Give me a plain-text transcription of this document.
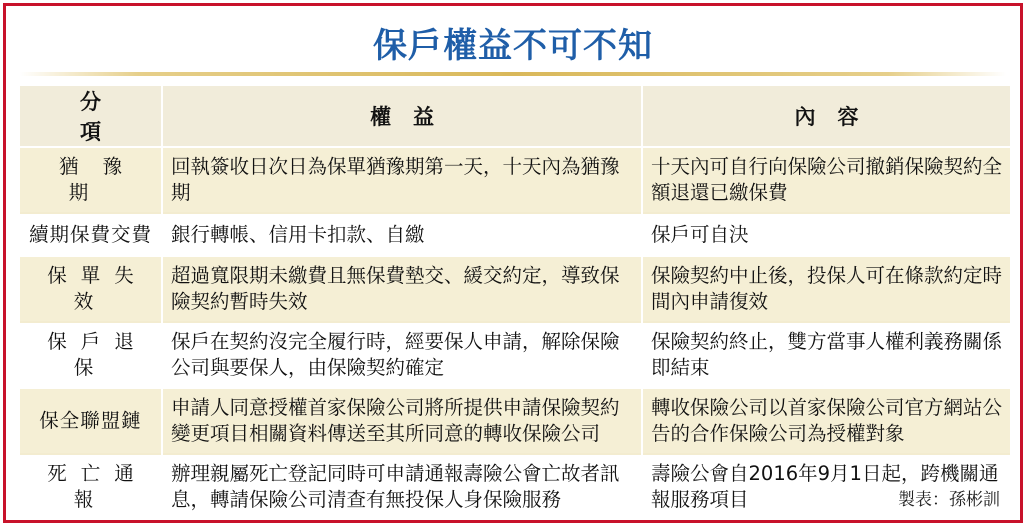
保戶權益不可不知
分項	權益	內容
猶豫期	回執簽收日次日為保單猶豫期第一天，十天內為猶豫期	十天內可自行向保險公司撤銷保險契約全額退還已繳保費
續期保費交費	銀行轉帳、信用卡扣款、自繳	保戶可自決
保單失效	超過寬限期未繳費且無保費墊交、緩交約定，導致保險契約暫時失效	保險契約中止後，投保人可在條款約定時間內申請復效
保戶退保	保戶在契約沒完全履行時，經要保人申請，解除保險公司與要保人，由保險契約確定	保險契約終止，雙方當事人權利義務關係即結束
保全聯盟鏈	申請人同意授權首家保險公司將所提供申請保險契約變更項目相關資料傳送至其所同意的轉收保險公司	轉收保險公司以首家保險公司官方網站公告的合作保險公司為授權對象
死亡通報	辦理親屬死亡登記同時可申請通報壽險公會亡故者訊息，轉請保險公司清查有無投保人身保險服務	壽險公會自2016年9月1日起，跨機關通報服務項目	製表：孫彬訓
